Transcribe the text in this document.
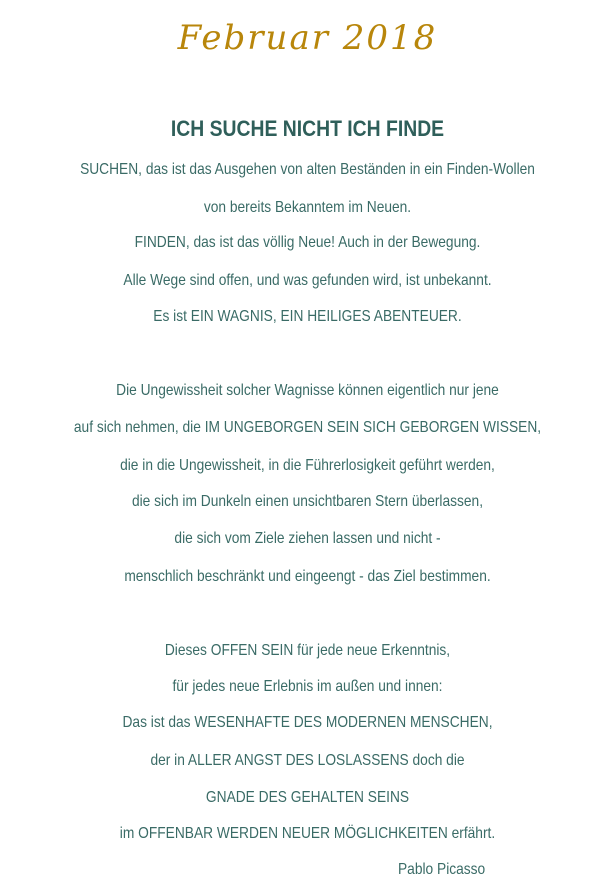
Februar 2018
ICH SUCHE NICHT ICH FINDE
SUCHEN, das ist das Ausgehen von alten Beständen in ein Finden-Wollen
von bereits Bekanntem im Neuen.
FINDEN, das ist das völlig Neue! Auch in der Bewegung.
Alle Wege sind offen, und was gefunden wird, ist unbekannt.
Es ist EIN WAGNIS, EIN HEILIGES ABENTEUER.
Die Ungewissheit solcher Wagnisse können eigentlich nur jene
auf sich nehmen, die IM UNGEBORGEN SEIN SICH GEBORGEN WISSEN,
die in die Ungewissheit, in die Führerlosigkeit geführt werden,
die sich im Dunkeln einen unsichtbaren Stern überlassen,
die sich vom Ziele ziehen lassen und nicht -
menschlich beschränkt und eingeengt - das Ziel bestimmen.
Dieses OFFEN SEIN für jede neue Erkenntnis,
für jedes neue Erlebnis im außen und innen:
Das ist das WESENHAFTE DES MODERNEN MENSCHEN,
der in ALLER ANGST DES LOSLASSENS doch die
GNADE DES GEHALTEN SEINS
im OFFENBAR WERDEN NEUER MÖGLICHKEITEN erfährt.
Pablo Picasso
